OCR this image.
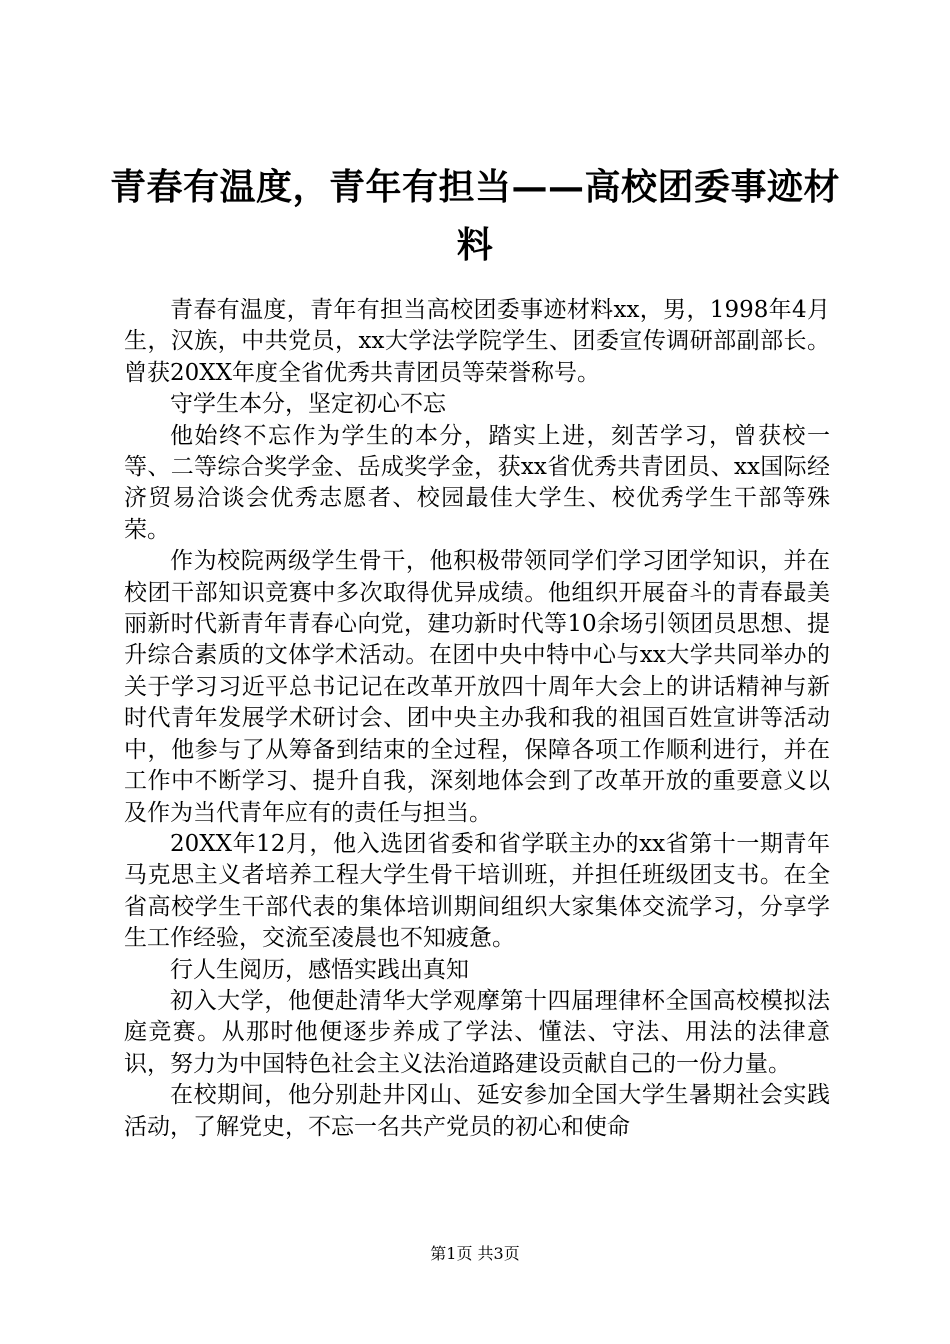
青春有温度，青年有担当——高校团委事迹材料

青春有温度，青年有担当高校团委事迹材料xx，男，1998年4月生，汉族，中共党员，xx大学法学院学生、团委宣传调研部副部长。曾获20XX年度全省优秀共青团员等荣誉称号。

守学生本分，坚定初心不忘

他始终不忘作为学生的本分，踏实上进，刻苦学习，曾获校一等、二等综合奖学金、岳成奖学金，获xx省优秀共青团员、xx国际经济贸易洽谈会优秀志愿者、校园最佳大学生、校优秀学生干部等殊荣。

作为校院两级学生骨干，他积极带领同学们学习团学知识，并在校团干部知识竞赛中多次取得优异成绩。他组织开展奋斗的青春最美丽新时代新青年青春心向党，建功新时代等10余场引领团员思想、提升综合素质的文体学术活动。在团中央中特中心与xx大学共同举办的关于学习习近平总书记记在改革开放四十周年大会上的讲话精神与新时代青年发展学术研讨会、团中央主办我和我的祖国百姓宣讲等活动中，他参与了从筹备到结束的全过程，保障各项工作顺利进行，并在工作中不断学习、提升自我，深刻地体会到了改革开放的重要意义以及作为当代青年应有的责任与担当。

20XX年12月，他入选团省委和省学联主办的xx省第十一期青年马克思主义者培养工程大学生骨干培训班，并担任班级团支书。在全省高校学生干部代表的集体培训期间组织大家集体交流学习，分享学生工作经验，交流至凌晨也不知疲惫。

行人生阅历，感悟实践出真知

初入大学，他便赴清华大学观摩第十四届理律杯全国高校模拟法庭竞赛。从那时他便逐步养成了学法、懂法、守法、用法的法律意识，努力为中国特色社会主义法治道路建设贡献自己的一份力量。

在校期间，他分别赴井冈山、延安参加全国大学生暑期社会实践活动，了解党史，不忘一名共产党员的初心和使命

第1页 共3页
